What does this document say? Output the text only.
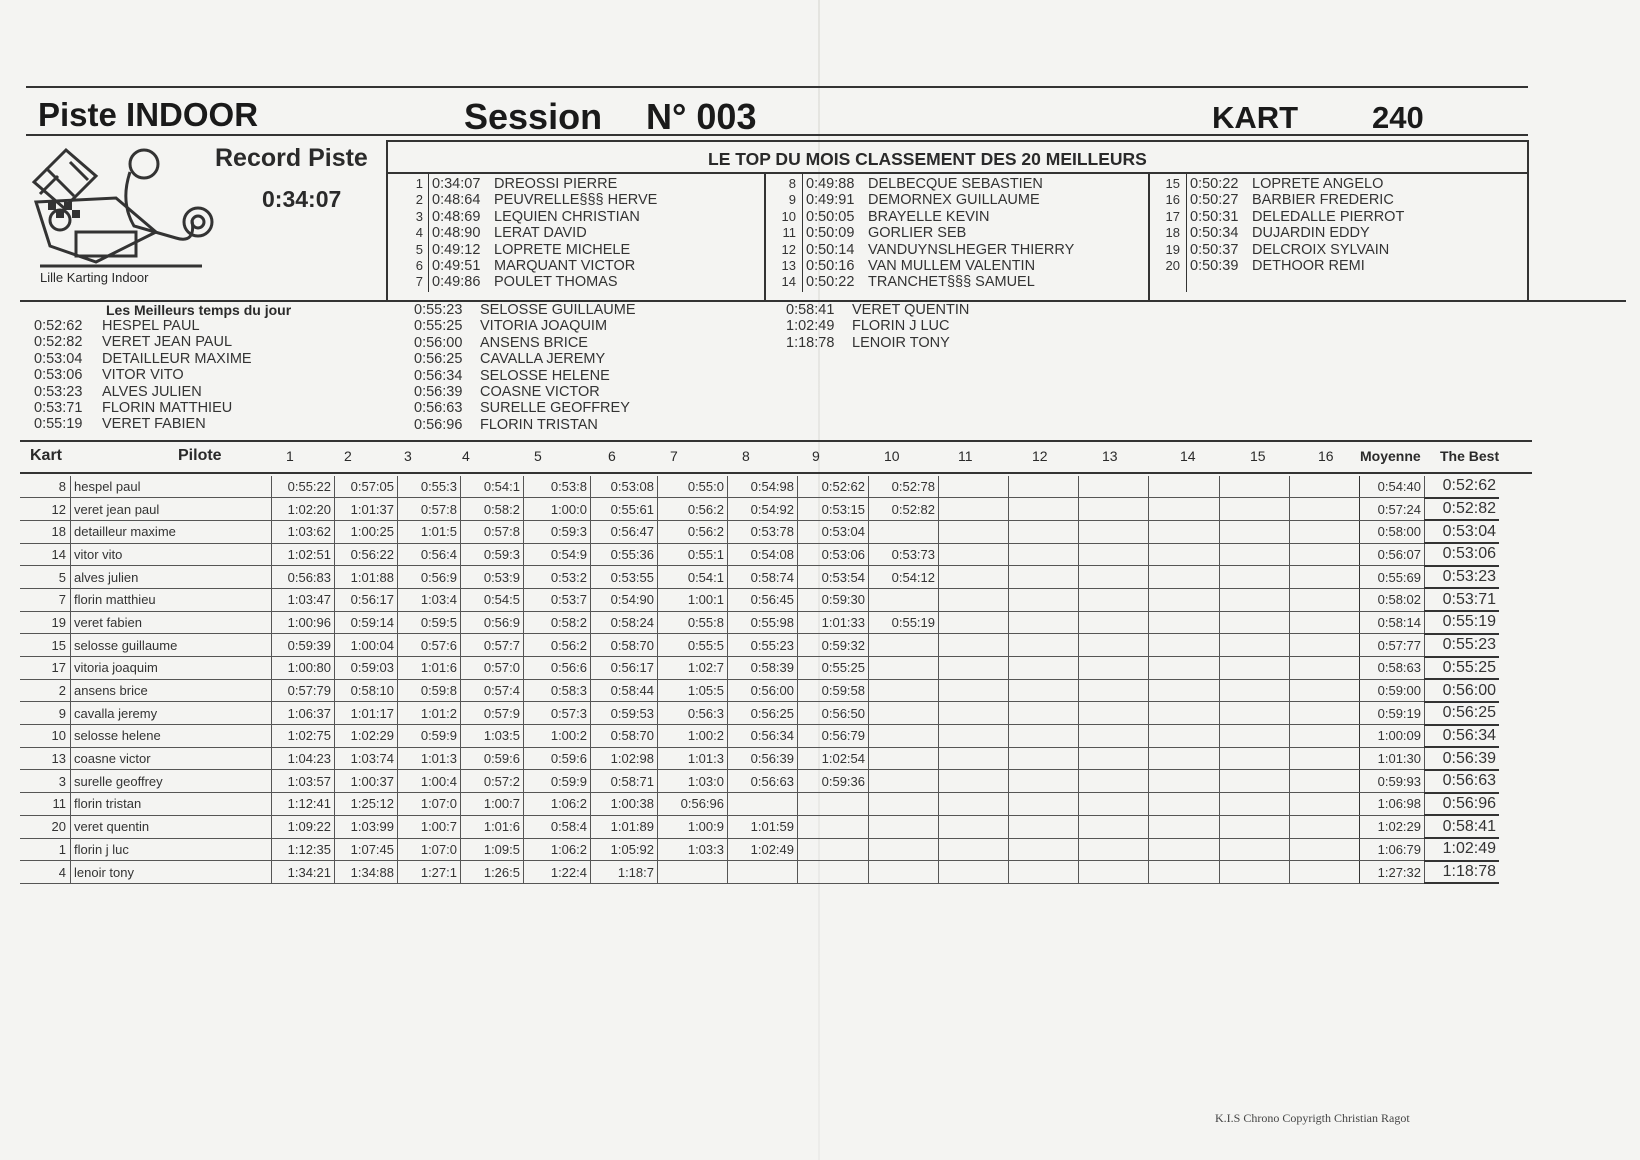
Piste INDOOR	Session N° 003	KART 240
Lille Karting Indoor
Record Piste
0:34:07
LE TOP DU MOIS CLASSEMENT DES 20 MEILLEURS
1 0:34:07 DREOSSI PIERRE
2 0:48:64 PEUVRELLE§§§ HERVE
3 0:48:69 LEQUIEN CHRISTIAN
4 0:48:90 LERAT DAVID
5 0:49:12 LOPRETE MICHELE
6 0:49:51 MARQUANT VICTOR
7 0:49:86 POULET THOMAS
8 0:49:88 DELBECQUE SEBASTIEN
9 0:49:91 DEMORNEX GUILLAUME
10 0:50:05 BRAYELLE KEVIN
11 0:50:09 GORLIER SEB
12 0:50:14 VANDUYNSLHEGER THIERRY
13 0:50:16 VAN MULLEM VALENTIN
14 0:50:22 TRANCHET§§§ SAMUEL
15 0:50:22 LOPRETE ANGELO
16 0:50:27 BARBIER FREDERIC
17 0:50:31 DELEDALLE PIERROT
18 0:50:34 DUJARDIN EDDY
19 0:50:37 DELCROIX SYLVAIN
20 0:50:39 DETHOOR REMI
Les Meilleurs temps du jour
0:52:62 HESPEL PAUL
0:52:82 VERET JEAN PAUL
0:53:04 DETAILLEUR MAXIME
0:53:06 VITOR VITO
0:53:23 ALVES JULIEN
0:53:71 FLORIN MATTHIEU
0:55:19 VERET FABIEN
0:55:23 SELOSSE GUILLAUME
0:55:25 VITORIA JOAQUIM
0:56:00 ANSENS BRICE
0:56:25 CAVALLA JEREMY
0:56:34 SELOSSE HELENE
0:56:39 COASNE VICTOR
0:56:63 SURELLE GEOFFREY
0:56:96 FLORIN TRISTAN
0:58:41 VERET QUENTIN
1:02:49 FLORIN J LUC
1:18:78 LENOIR TONY
Kart	Pilote	1	2	3	4	5	6	7	8	9	10	11	12	13	14	15	16 Moyenne The Best
8	hespel paul	0:55:22	0:57:05	0:55:3	0:54:1	0:53:8	0:53:08	0:55:0	0:54:98	0:52:62	0:52:78							0:54:40	0:52:62
12	veret jean paul	1:02:20	1:01:37	0:57:8	0:58:2	1:00:0	0:55:61	0:56:2	0:54:92	0:53:15	0:52:82							0:57:24	0:52:82
18	detailleur maxime	1:03:62	1:00:25	1:01:5	0:57:8	0:59:3	0:56:47	0:56:2	0:53:78	0:53:04								0:58:00	0:53:04
14	vitor vito	1:02:51	0:56:22	0:56:4	0:59:3	0:54:9	0:55:36	0:55:1	0:54:08	0:53:06	0:53:73							0:56:07	0:53:06
5	alves julien	0:56:83	1:01:88	0:56:9	0:53:9	0:53:2	0:53:55	0:54:1	0:58:74	0:53:54	0:54:12							0:55:69	0:53:23
7	florin matthieu	1:03:47	0:56:17	1:03:4	0:54:5	0:53:7	0:54:90	1:00:1	0:56:45	0:59:30								0:58:02	0:53:71
19	veret fabien	1:00:96	0:59:14	0:59:5	0:56:9	0:58:2	0:58:24	0:55:8	0:55:98	1:01:33	0:55:19							0:58:14	0:55:19
15	selosse guillaume	0:59:39	1:00:04	0:57:6	0:57:7	0:56:2	0:58:70	0:55:5	0:55:23	0:59:32								0:57:77	0:55:23
17	vitoria joaquim	1:00:80	0:59:03	1:01:6	0:57:0	0:56:6	0:56:17	1:02:7	0:58:39	0:55:25								0:58:63	0:55:25
2	ansens brice	0:57:79	0:58:10	0:59:8	0:57:4	0:58:3	0:58:44	1:05:5	0:56:00	0:59:58								0:59:00	0:56:00
9	cavalla jeremy	1:06:37	1:01:17	1:01:2	0:57:9	0:57:3	0:59:53	0:56:3	0:56:25	0:56:50								0:59:19	0:56:25
10	selosse helene	1:02:75	1:02:29	0:59:9	1:03:5	1:00:2	0:58:70	1:00:2	0:56:34	0:56:79								1:00:09	0:56:34
13	coasne victor	1:04:23	1:03:74	1:01:3	0:59:6	0:59:6	1:02:98	1:01:3	0:56:39	1:02:54								1:01:30	0:56:39
3	surelle geoffrey	1:03:57	1:00:37	1:00:4	0:57:2	0:59:9	0:58:71	1:03:0	0:56:63	0:59:36								0:59:93	0:56:63
11	florin tristan	1:12:41	1:25:12	1:07:0	1:00:7	1:06:2	1:00:38	0:56:96										1:06:98	0:56:96
20	veret quentin	1:09:22	1:03:99	1:00:7	1:01:6	0:58:4	1:01:89	1:00:9	1:01:59									1:02:29	0:58:41
1	florin j luc	1:12:35	1:07:45	1:07:0	1:09:5	1:06:2	1:05:92	1:03:3	1:02:49									1:06:79	1:02:49
4	lenoir tony	1:34:21	1:34:88	1:27:1	1:26:5	1:22:4	1:18:7											1:27:32	1:18:78
K.I.S Chrono Copyrigth Christian Ragot
